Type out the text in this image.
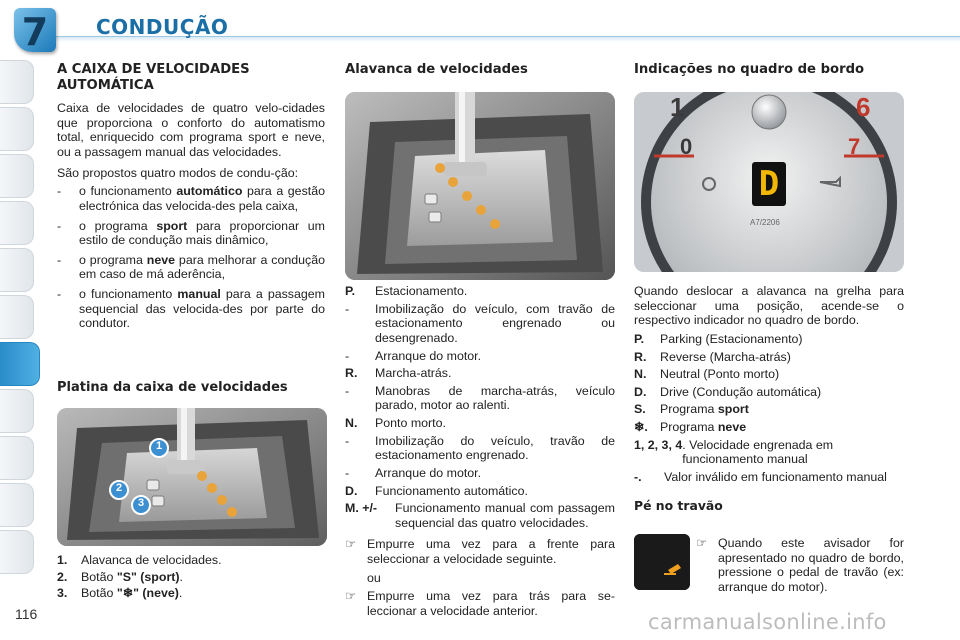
7	CONDUÇÃO
A CAIXA DE VELOCIDADES
AUTOMÁTICA

Caixa de velocidades de quatro velo-cidades que proporciona o conforto do automatismo total, enriquecido com programa sport e neve, ou a passagem manual das velocidades.

São propostos quatro modos de condu-ção:

-	o funcionamento automático para a gestão electrónica das velocida-des pela caixa,
-	o programa sport para proporcionar um estilo de condução mais dinâmico,
-	o programa neve para melhorar a condução em caso de má aderência,
-	o funcionamento manual para a passagem sequencial das velocida-des por parte do condutor.
Platina da caixa de velocidades
1
2
3
1.	Alavanca de velocidades.
2.	Botão "S" (sport).
3.	Botão "❄" (neve).
Alavanca de velocidades
P.	Estacionamento.
-	Imobilização do veículo, com travão de estacionamento engrenado ou desengrenado.
-	Arranque do motor.
R.	Marcha-atrás.
-	Manobras de marcha-atrás, veículo parado, motor ao ralenti.
N.	Ponto morto.
-	Imobilização do veículo, travão de estacionamento engrenado.
-	Arranque do motor.
D.	Funcionamento automático.
M. +/-	Funcionamento manual com passagem sequencial das quatro velocidades.
☞ Empurre uma vez para a frente para seleccionar a velocidade seguinte.
ou
☞ Empurre uma vez para trás para se-leccionar a velocidade anterior.
Indicações no quadro de bordo
1
0
6
7
D
A7/2206

Quando deslocar a alavanca na grelha para seleccionar uma posição, acende-se o respectivo indicador no quadro de bordo.

P.	Parking (Estacionamento)
R.	Reverse (Marcha-atrás)
N.	Neutral (Ponto morto)
D.	Drive (Condução automática)
S.	Programa sport
❄. Programa neve
1, 2, 3, 4 . Velocidade engrenada em funcionamento manual
-.	Valor inválido em funcionamento manual
Pé no travão
☞ Quando este avisador for apresentado no quadro de bordo, pressione o pedal de travão (ex: arranque do motor).
116	carmanualsonline.info
